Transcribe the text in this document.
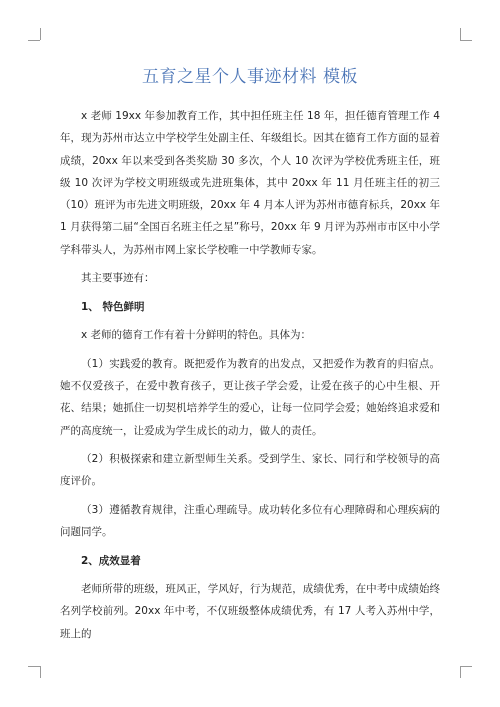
五育之星个人事迹材料 模板

x 老师 19xx 年参加教育工作，其中担任班主任 18 年，担任德育管理工作 4 年，现为苏州市达立中学校学生处副主任、年级组长。因其在德育工作方面的显着成绩，20xx 年以来受到各类奖励 30 多次，个人 10 次评为学校优秀班主任，班级 10 次评为学校文明班级或先进班集体，其中 20xx 年 11 月任班主任的初三（10）班评为市先进文明班级，20xx 年 4 月本人评为苏州市德育标兵，20xx 年 1 月获得第二届“全国百名班主任之星”称号，20xx 年 9 月评为苏州市市区中小学学科带头人，为苏州市网上家长学校唯一中学教师专家。

其主要事迹有：

1、 特色鲜明

x 老师的德育工作有着十分鲜明的特色。具体为：

（1）实践爱的教育。既把爱作为教育的出发点，又把爱作为教育的归宿点。她不仅爱孩子，在爱中教育孩子，更让孩子学会爱，让爱在孩子的心中生根、开花、结果；她抓住一切契机培养学生的爱心，让每一位同学会爱；她始终追求爱和严的高度统一，让爱成为学生成长的动力，做人的责任。

（2）积极探索和建立新型师生关系。受到学生、家长、同行和学校领导的高度评价。

（3）遵循教育规律，注重心理疏导。成功转化多位有心理障碍和心理疾病的问题同学。

2、成效显着

老师所带的班级，班风正，学风好，行为规范，成绩优秀，在中考中成绩始终名列学校前列。20xx 年中考，不仅班级整体成绩优秀，有 17 人考入苏州中学，班上的
